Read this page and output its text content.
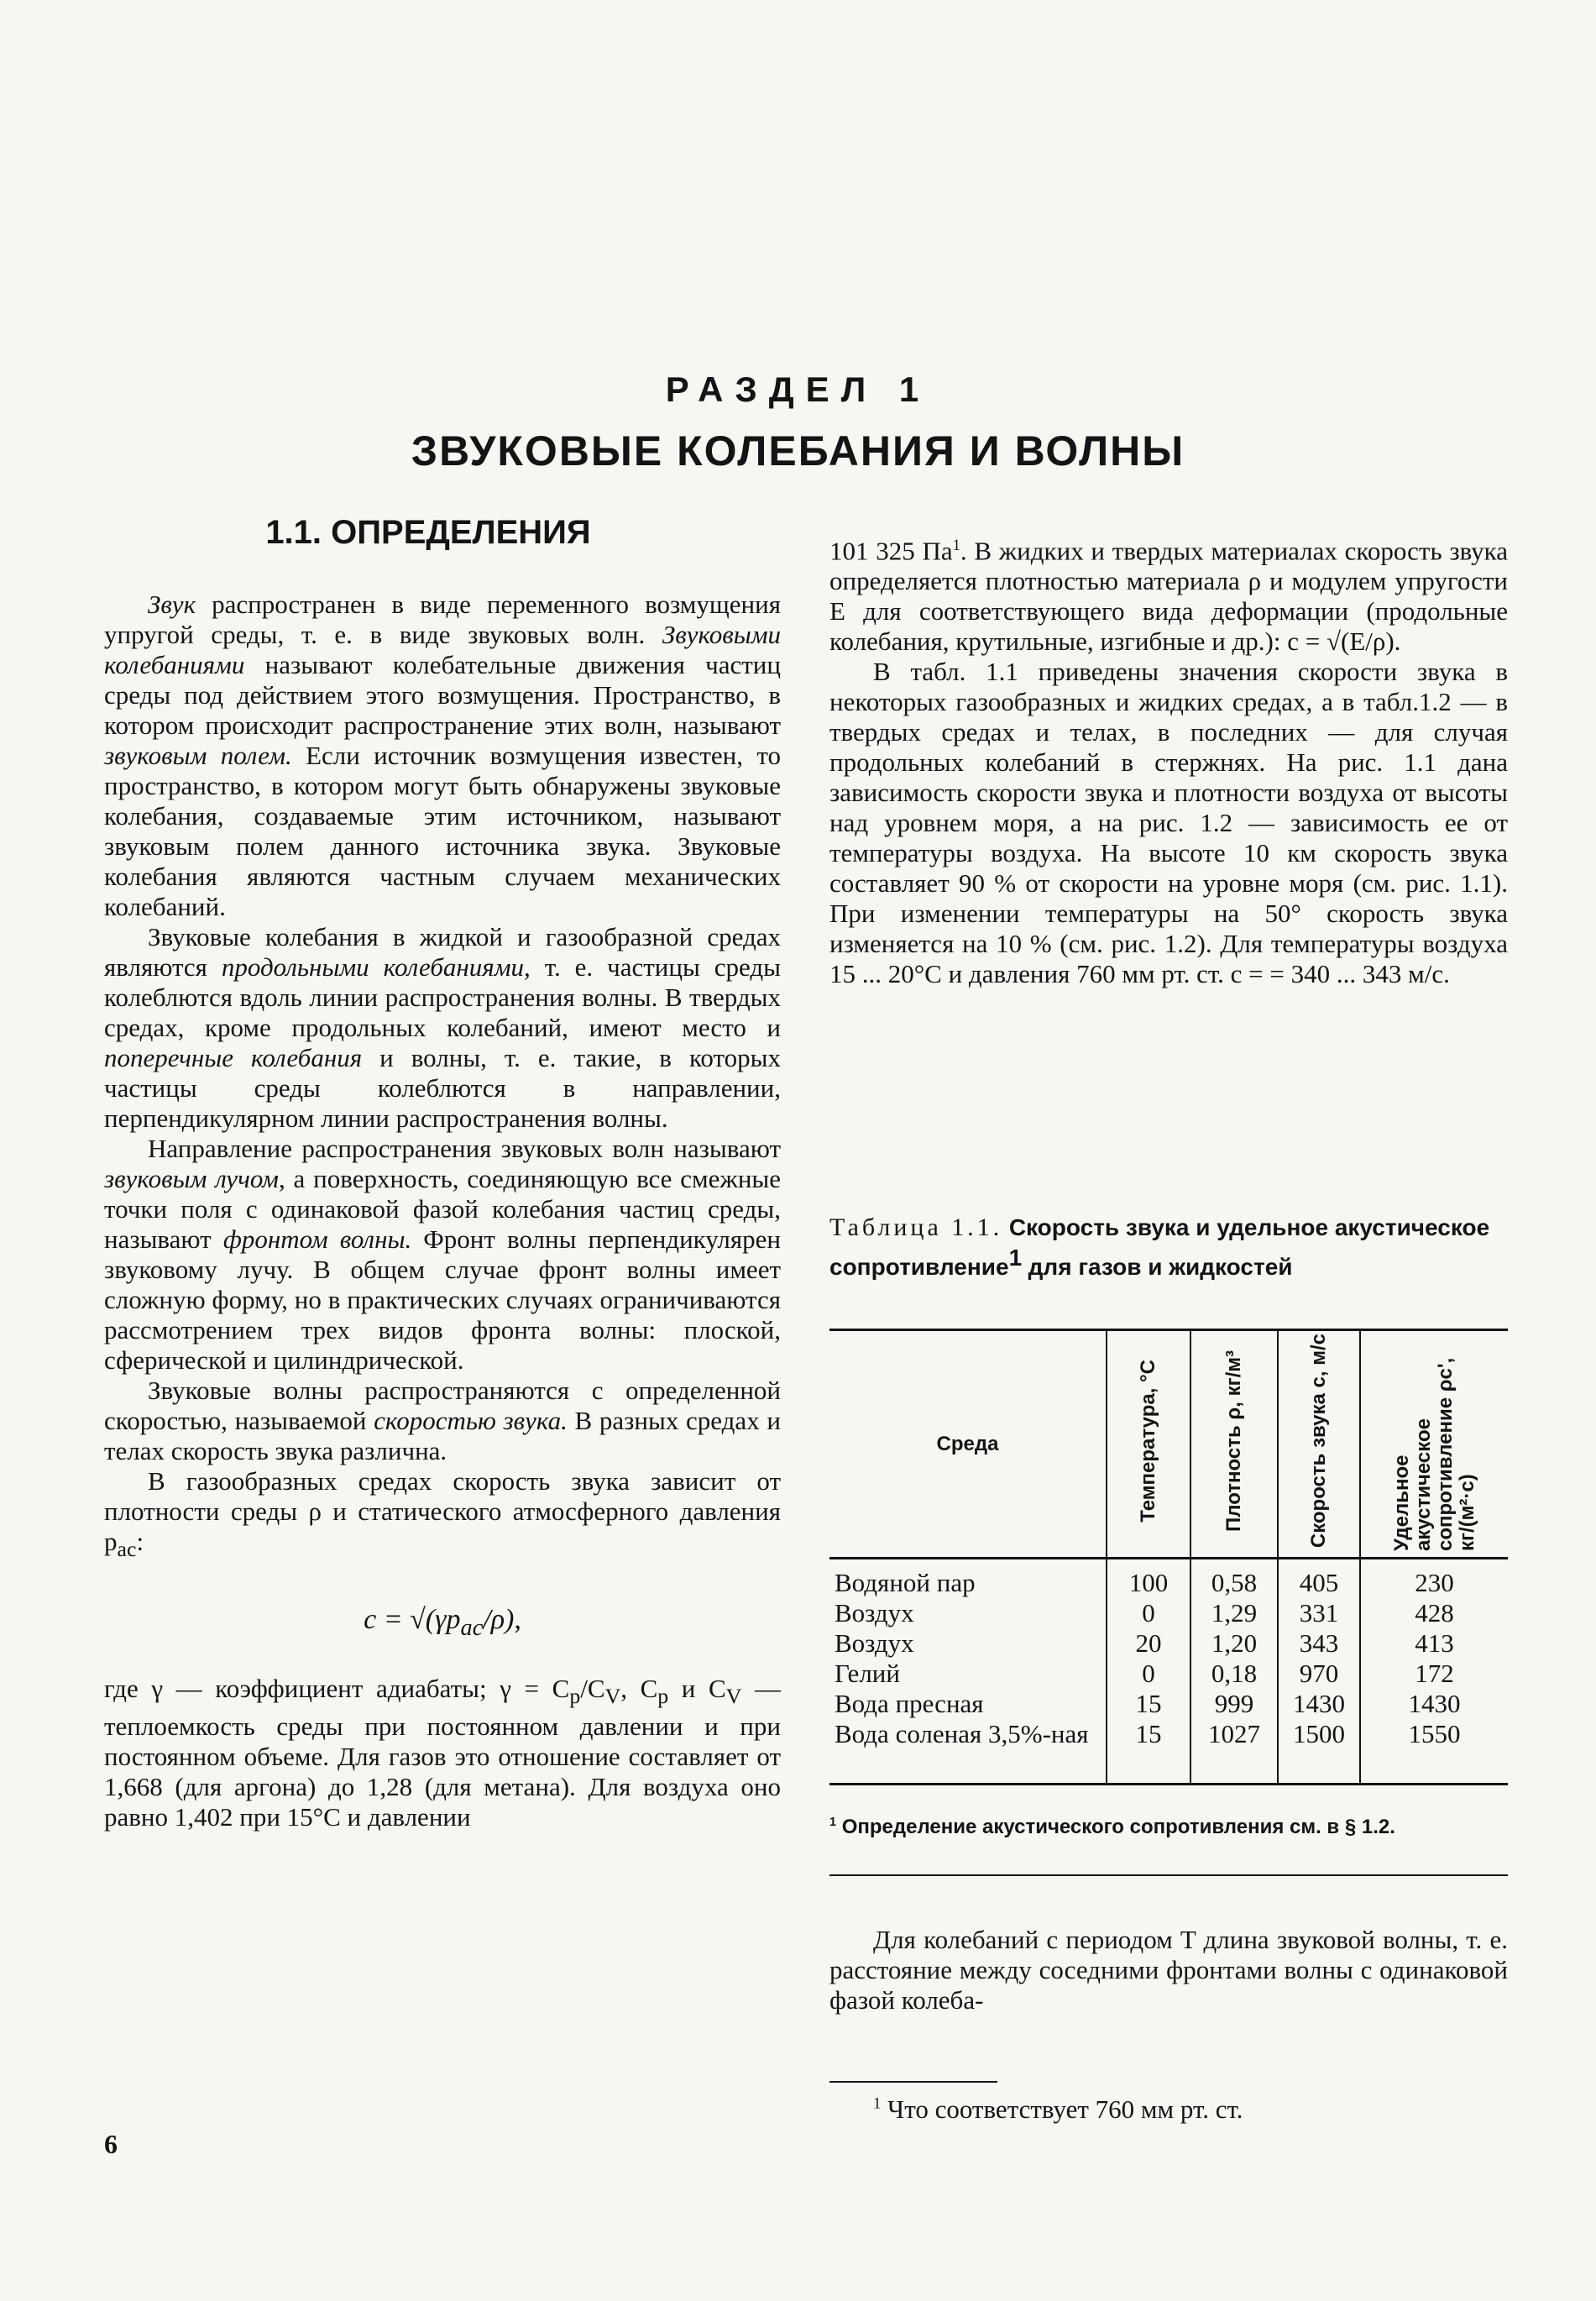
РАЗДЕЛ 1
ЗВУКОВЫЕ КОЛЕБАНИЯ И ВОЛНЫ
1.1. ОПРЕДЕЛЕНИЯ

Звук распространен в виде переменного возмущения упругой среды, т. е. в виде звуковых волн. Звуковыми колебаниями называют колебательные движения частиц среды под действием этого возмущения. Пространство, в котором происходит распространение этих волн, называют звуковым полем. Если источник возмущения известен, то пространство, в котором могут быть обнаружены звуковые колебания, создаваемые этим источником, называют звуковым полем данного источника звука. Звуковые колебания являются частным случаем механических колебаний.

Звуковые колебания в жидкой и газообразной средах являются продольными колебаниями, т. е. частицы среды колеблются вдоль линии распространения волны. В твердых средах, кроме продольных колебаний, имеют место и поперечные колебания и волны, т. е. такие, в которых частицы среды колеблются в направлении, перпендикулярном линии распространения волны.

Направление распространения звуковых волн называют звуковым лучом, а поверхность, соединяющую все смежные точки поля с одинаковой фазой колебания частиц среды, называют фронтом волны. Фронт волны перпендикулярен звуковому лучу. В общем случае фронт волны имеет сложную форму, но в практических случаях ограничиваются рассмотрением трех видов фронта волны: плоской, сферической и цилиндрической.

Звуковые волны распространяются с определенной скоростью, называемой скоростью звука. В разных средах и телах скорость звука различна.

В газообразных средах скорость звука зависит от плотности среды ρ и статического атмосферного давления $p_{ас}$:

$c = √(\gamma p_{ас}/\rho)$,

где γ — коэффициент адиабаты; $\gamma = C_p/C_V$, $C_p$ и $C_V$ — теплоемкость среды при постоянном давлении и при постоянном объеме. Для газов это отношение составляет от 1,668 (для аргона) до 1,28 (для метана). Для воздуха оно равно 1,402 при 15°C и давлении

101 325 $Па^1$. В жидких и твердых материалах скорость звука определяется плотностью материала ρ и модулем упругости E для соответствующего вида деформации (продольные колебания, крутильные, изгибные и др.): c = √(E/ρ).

В табл. 1.1 приведены значения скорости звука в некоторых газообразных и жидких средах, а в табл.1.2 — в твердых средах и телах, в последних — для случая продольных колебаний в стержнях. На рис. 1.1 дана зависимость скорости звука и плотности воздуха от высоты над уровнем моря, а на рис. 1.2 — зависимость ее от температуры воздуха. На высоте 10 км скорость звука составляет 90 % от скорости на уровне моря (см. рис. 1.1). При изменении температуры на 50° скорость звука изменяется на 10 % (см. рис. 1.2). Для температуры воздуха 15 ... 20°C и давления 760 мм рт. ст. c = = 340 ... 343 м/с.

Таблица 1.1. Скорость звука и удельное акустическое сопротивление$^1$ для газов и жидкостей
Среда	Температура, °С	Плотность ρ, кг/м³	Скорость звука c, м/с	Удельное акустическое сопротивление ρc', кг/(м²·с)
Водяной пар	100	0,58	405	230
Воздух	0	1,29	331	428
Воздух	20	1,20	343	413
Гелий	0	0,18	970	172
Вода пресная	15	999	1430	1430
Вода соленая 3,5%-ная	15	1027	1500	1550
$^1$ Определение акустического сопротивления см. в § 1.2.

Для колебаний с периодом T длина звуковой волны, т. е. расстояние между соседними фронтами волны с одинаковой фазой колеба-

$^1$ Что соответствует 760 мм рт. ст.
6
